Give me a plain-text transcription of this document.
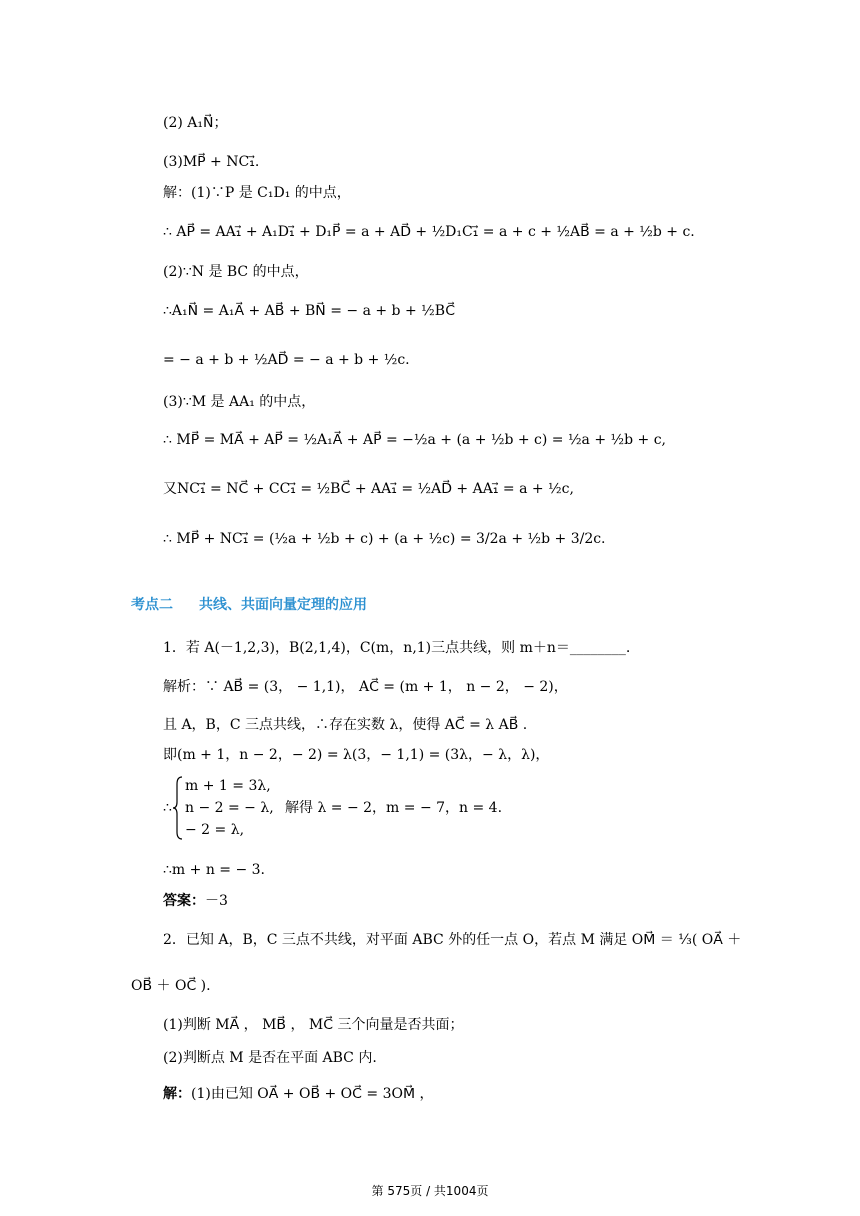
(2) A₁N⃗；
(3)MP⃗ + NC₁⃗.
解：(1)∵P 是 C₁D₁ 的中点，
∴ AP⃗ = AA₁⃗ + A₁D₁⃗ + D₁P⃗ = a + AD⃗ + ½D₁C₁⃗ = a + c + ½AB⃗ = a + ½b + c.
(2)∵N 是 BC 的中点，
∴A₁N⃗ = A₁A⃗ + AB⃗ + BN⃗ = − a + b + ½BC⃗
= − a + b + ½AD⃗ = − a + b + ½c.
(3)∵M 是 AA₁ 的中点，
∴ MP⃗ = MA⃗ + AP⃗ = ½A₁A⃗ + AP⃗ = −½a + (a + ½b + c) = ½a + ½b + c,
又NC₁⃗ = NC⃗ + CC₁⃗ = ½BC⃗ + AA₁⃗ = ½AD⃗ + AA₁⃗ = a + ½c,
∴ MP⃗ + NC₁⃗ = (½a + ½b + c) + (a + ½c) = 3/2a + ½b + 3/2c.
考点二 共线、共面向量定理的应用
1．若 A(－1,2,3)，B(2,1,4)，C(m，n,1)三点共线，则 m＋n＝________.
解析：∵ AB⃗ = (3， − 1,1)， AC⃗ = (m + 1， n − 2， − 2)，
且 A，B，C 三点共线，∴存在实数 λ，使得 AC⃗ = λ AB⃗ .
即(m + 1，n − 2，− 2) = λ(3，− 1,1) = (3λ，− λ，λ)，
∴
m + 1 = 3λ,
n − 2 = − λ,
− 2 = λ,
解得 λ = − 2，m = − 7，n = 4.
∴m + n = − 3.
答案：－3
2．已知 A，B，C 三点不共线，对平面 ABC 外的任一点 O，若点 M 满足 OM⃗ ＝ ⅓( OA⃗ ＋
OB⃗ ＋ OC⃗ ).
(1)判断 MA⃗ ， MB⃗ ， MC⃗ 三个向量是否共面；
(2)判断点 M 是否在平面 ABC 内.
解：(1)由已知 OA⃗ + OB⃗ + OC⃗ = 3OM⃗ ，
第 575页 / 共1004页
